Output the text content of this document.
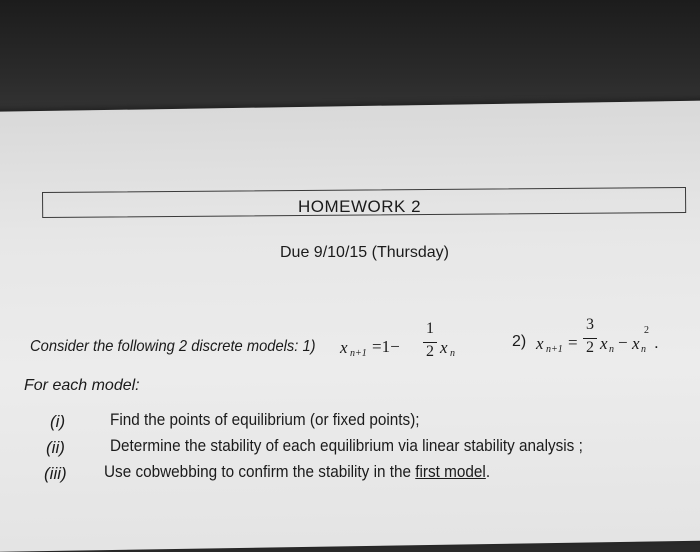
HOMEWORK 2
Due 9/10/15 (Thursday)
Consider the following 2 discrete models: 1) x n+1 =1−
1
2 x n
2) x n+1 =
3
2 x n − x n
2
.
For each model:
(i)	Find the points of equilibrium (or fixed points);
(ii)	Determine the stability of each equilibrium via linear stability analysis ;
(iii) Use cobwebbing to confirm the stability in the first model.
